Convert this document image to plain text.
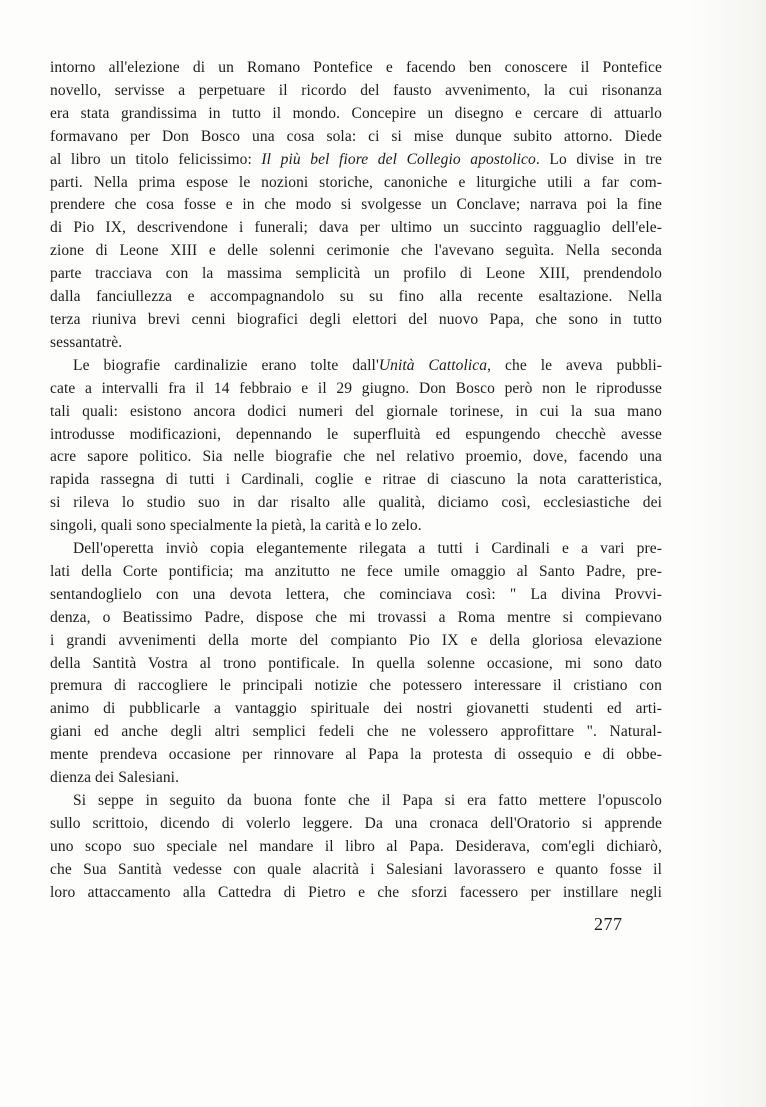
intorno all'elezione di un Romano Pontefice e facendo ben conoscere il Pontefice
novello, servisse a perpetuare il ricordo del fausto avvenimento, la cui risonanza
era stata grandissima in tutto il mondo. Concepire un disegno e cercare di attuarlo
formavano per Don Bosco una cosa sola: ci si mise dunque subito attorno. Diede
al libro un titolo felicissimo: Il più bel fiore del Collegio apostolico. Lo divise in tre
parti. Nella prima espose le nozioni storiche, canoniche e liturgiche utili a far com-
prendere che cosa fosse e in che modo si svolgesse un Conclave; narrava poi la fine
di Pio IX, descrivendone i funerali; dava per ultimo un succinto ragguaglio dell'ele-
zione di Leone XIII e delle solenni cerimonie che l'avevano seguìta. Nella seconda
parte tracciava con la massima semplicità un profilo di Leone XIII, prendendolo
dalla fanciullezza e accompagnandolo su su fino alla recente esaltazione. Nella
terza riuniva brevi cenni biografici degli elettori del nuovo Papa, che sono in tutto
sessantatrè.
Le biografie cardinalizie erano tolte dall'Unità Cattolica, che le aveva pubbli-
cate a intervalli fra il 14 febbraio e il 29 giugno. Don Bosco però non le riprodusse
tali quali: esistono ancora dodici numeri del giornale torinese, in cui la sua mano
introdusse modificazioni, depennando le superfluità ed espungendo checchè avesse
acre sapore politico. Sia nelle biografie che nel relativo proemio, dove, facendo una
rapida rassegna di tutti i Cardinali, coglie e ritrae di ciascuno la nota caratteristica,
si rileva lo studio suo in dar risalto alle qualità, diciamo così, ecclesiastiche dei
singoli, quali sono specialmente la pietà, la carità e lo zelo.
Dell'operetta inviò copia elegantemente rilegata a tutti i Cardinali e a vari pre-
lati della Corte pontificia; ma anzitutto ne fece umile omaggio al Santo Padre, pre-
sentandoglielo con una devota lettera, che cominciava così: " La divina Provvi-
denza, o Beatissimo Padre, dispose che mi trovassi a Roma mentre si compievano
i grandi avvenimenti della morte del compianto Pio IX e della gloriosa elevazione
della Santità Vostra al trono pontificale. In quella solenne occasione, mi sono dato
premura di raccogliere le principali notizie che potessero interessare il cristiano con
animo di pubblicarle a vantaggio spirituale dei nostri giovanetti studenti ed arti-
giani ed anche degli altri semplici fedeli che ne volessero approfittare ". Natural-
mente prendeva occasione per rinnovare al Papa la protesta di ossequio e di obbe-
dienza dei Salesiani.
Si seppe in seguito da buona fonte che il Papa si era fatto mettere l'opuscolo
sullo scrittoio, dicendo di volerlo leggere. Da una cronaca dell'Oratorio si apprende
uno scopo suo speciale nel mandare il libro al Papa. Desiderava, com'egli dichiarò,
che Sua Santità vedesse con quale alacrità i Salesiani lavorassero e quanto fosse il
loro attaccamento alla Cattedra di Pietro e che sforzi facessero per instillare negli
277
